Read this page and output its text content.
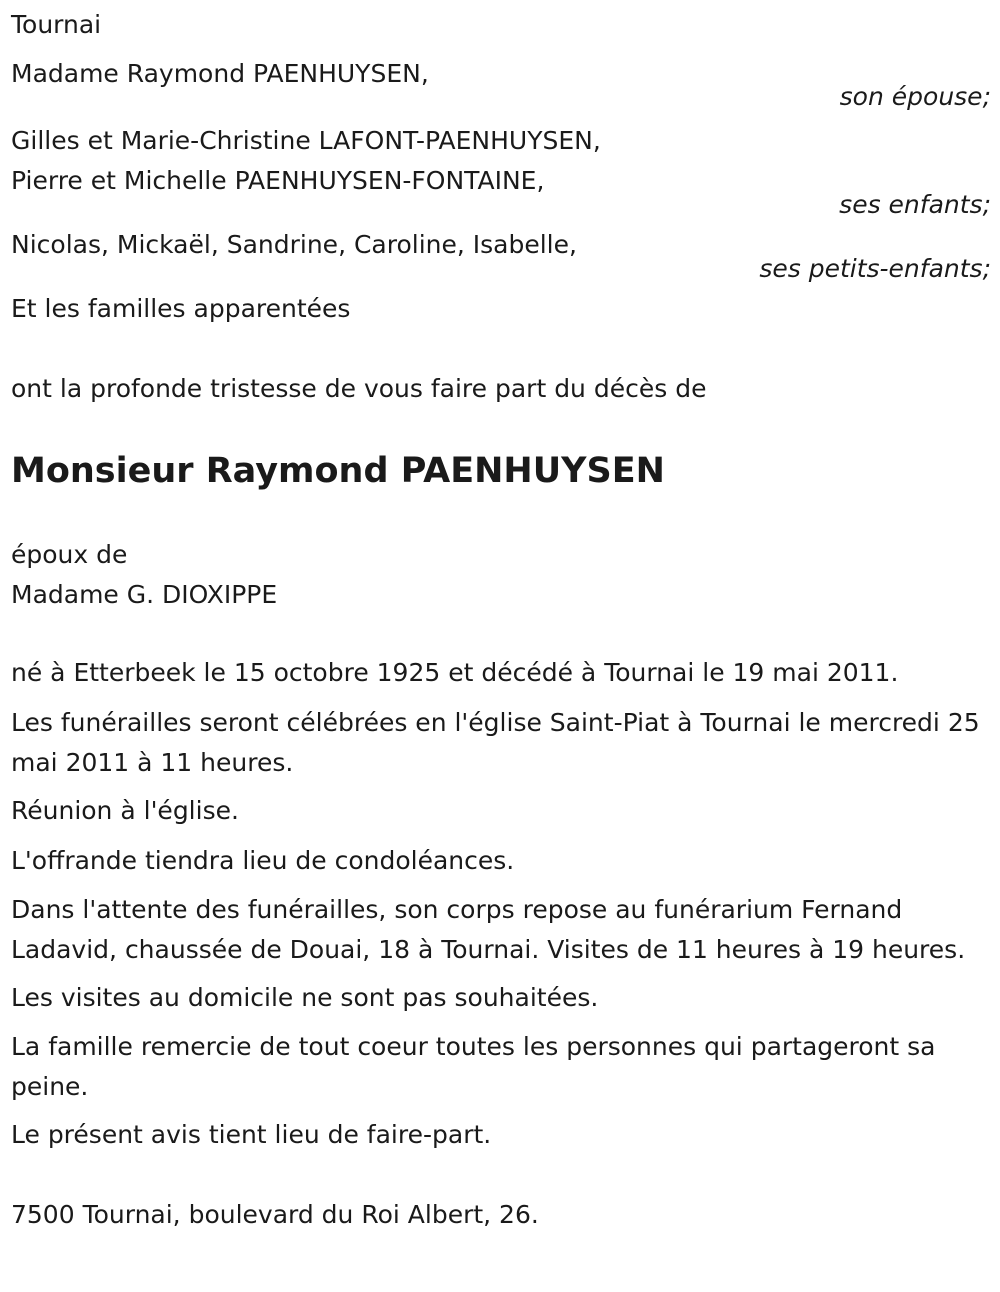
Tournai
Madame Raymond PAENHUYSEN,
son épouse;
Gilles et Marie-Christine LAFONT-PAENHUYSEN,
Pierre et Michelle PAENHUYSEN-FONTAINE,
ses enfants;
Nicolas, Mickaël, Sandrine, Caroline, Isabelle,
ses petits-enfants;
Et les familles apparentées
ont la profonde tristesse de vous faire part du décès de
Monsieur Raymond PAENHUYSEN
époux de
Madame G. DIOXIPPE

né à Etterbeek le 15 octobre 1925 et décédé à Tournai le 19 mai 2011.

Les funérailles seront célébrées en l'église Saint-Piat à Tournai le mercredi 25 mai 2011 à 11 heures.

Réunion à l'église.

L'offrande tiendra lieu de condoléances.

Dans l'attente des funérailles, son corps repose au funérarium Fernand Ladavid, chaussée de Douai, 18 à Tournai. Visites de 11 heures à 19 heures.

Les visites au domicile ne sont pas souhaitées.

La famille remercie de tout coeur toutes les personnes qui partageront sa peine.

Le présent avis tient lieu de faire-part.

7500 Tournai, boulevard du Roi Albert, 26.
